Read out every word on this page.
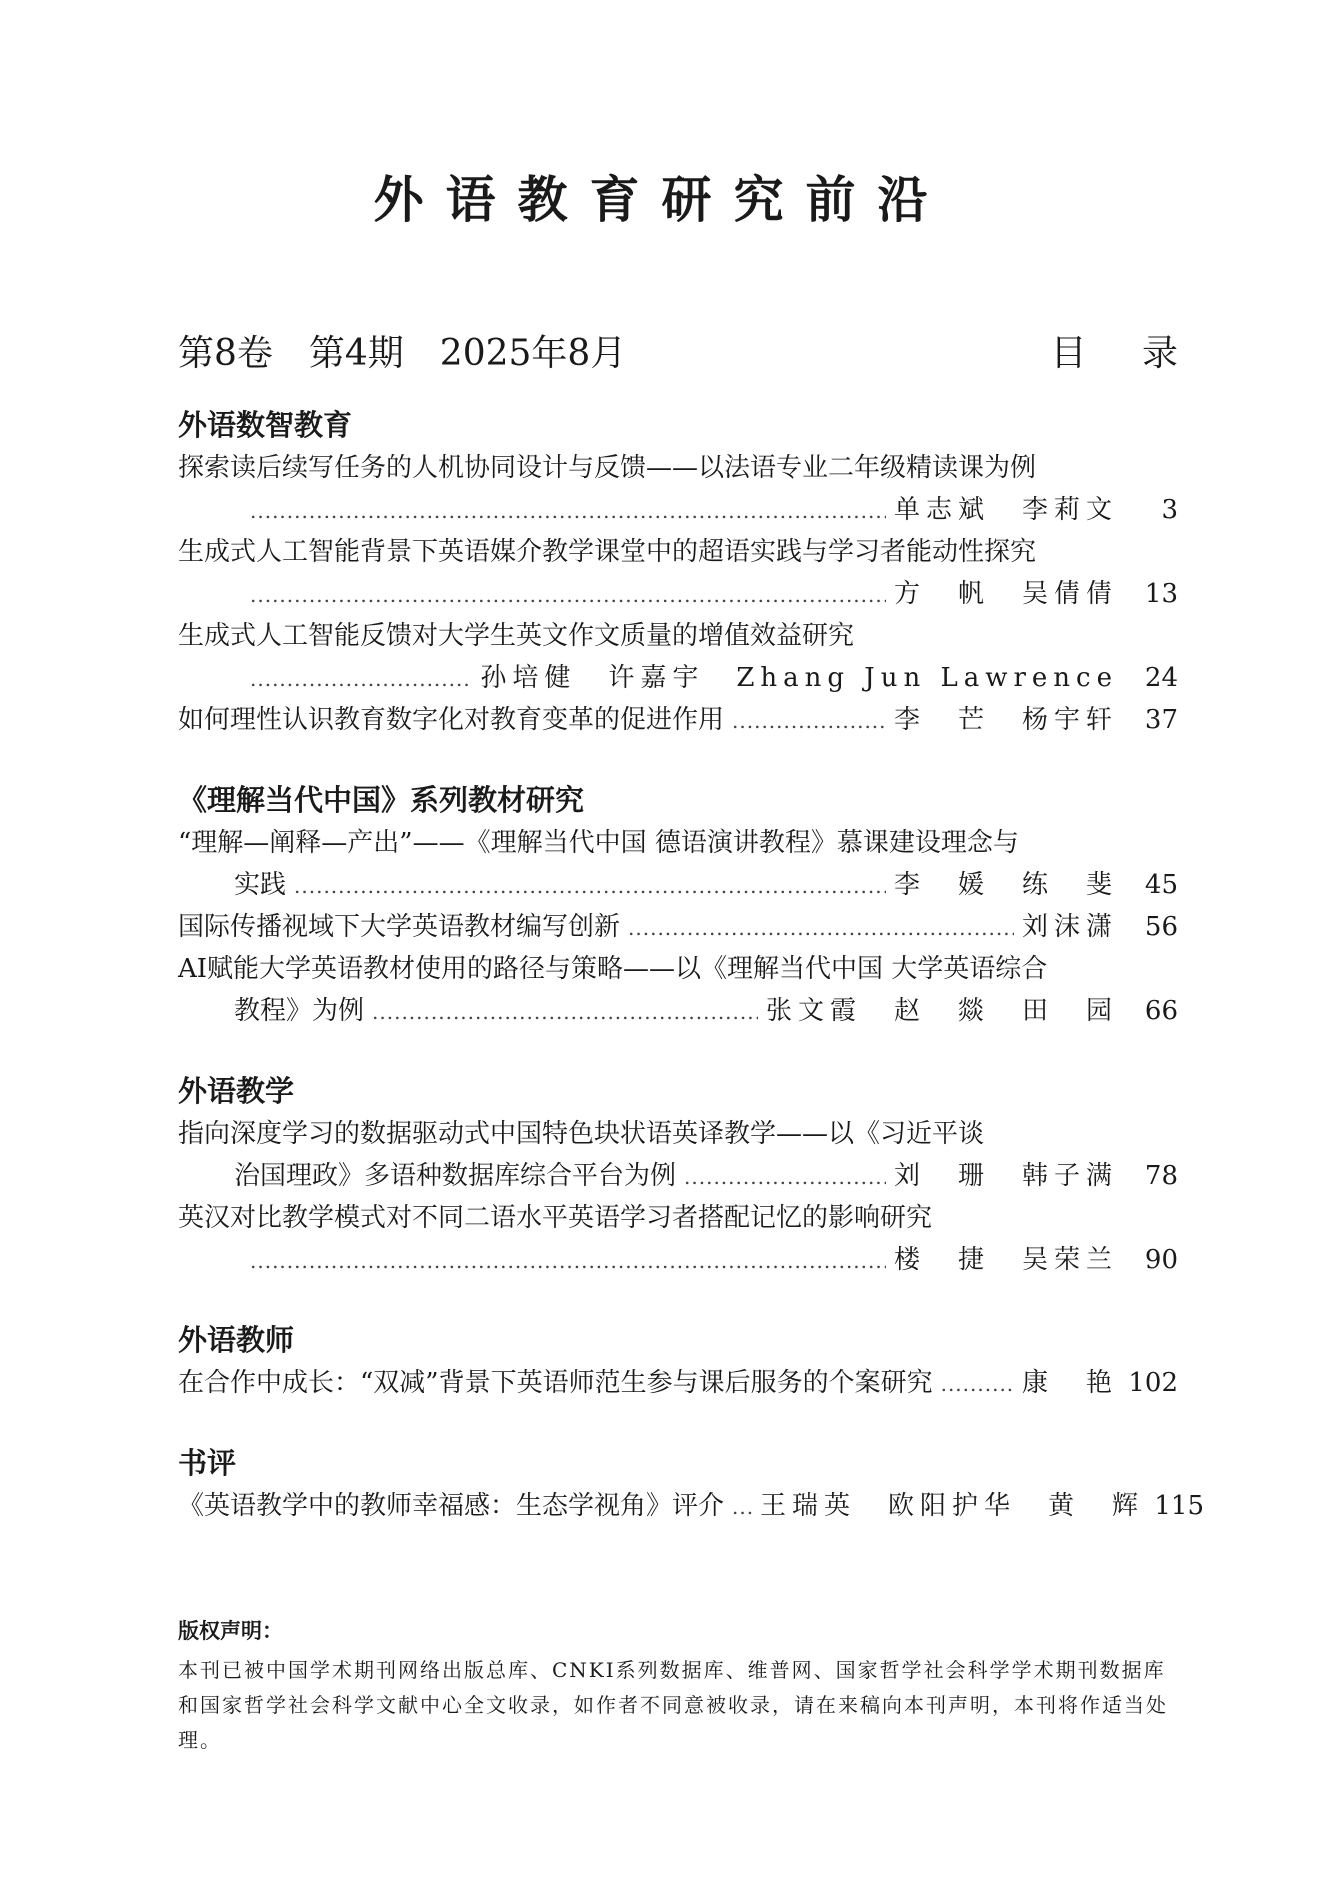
外语教育研究前沿
第8卷　第4期　2025年8月	目 录
外语数智教育
探索读后续写任务的人机协同设计与反馈——以法语专业二年级精读课为例
.....
单志斌　李莉文	3
生成式人工智能背景下英语媒介教学课堂中的超语实践与学习者能动性探究
.....
方　帆　吴倩倩	13
生成式人工智能反馈对大学生英文作文质量的增值效益研究
.....
孙培健　许嘉宇　Zhang Jun Lawrence	24
如何理性认识教育数字化对教育变革的促进作用 .....	李　芒　杨宇轩	37
《理解当代中国》系列教材研究
“理解—阐释—产出”——《理解当代中国 德语演讲教程》慕课建设理念与
实践 .....	李　媛　练　斐	45
国际传播视域下大学英语教材编写创新 .....	刘沫潇	56
AI赋能大学英语教材使用的路径与策略——以《理解当代中国 大学英语综合
教程》为例 .....	张文霞　赵　燚　田　园	66
外语教学
指向深度学习的数据驱动式中国特色块状语英译教学——以《习近平谈
治国理政》多语种数据库综合平台为例 .....	刘　珊　韩子满	78
英汉对比教学模式对不同二语水平英语学习者搭配记忆的影响研究
.....
楼　捷　吴荣兰	90
外语教师
在合作中成长：“双减”背景下英语师范生参与课后服务的个案研究 .....	康　艳 102
书评
《英语教学中的教师幸福感：生态学视角》评介 ..... 王瑞英　欧阳护华　黄　辉 115

版权声明：

本刊已被中国学术期刊网络出版总库、CNKI系列数据库、维普网、国家哲学社会科学学术期刊数据库和国家哲学社会科学文献中心全文收录，如作者不同意被收录，请在来稿向本刊声明，本刊将作适当处理。
